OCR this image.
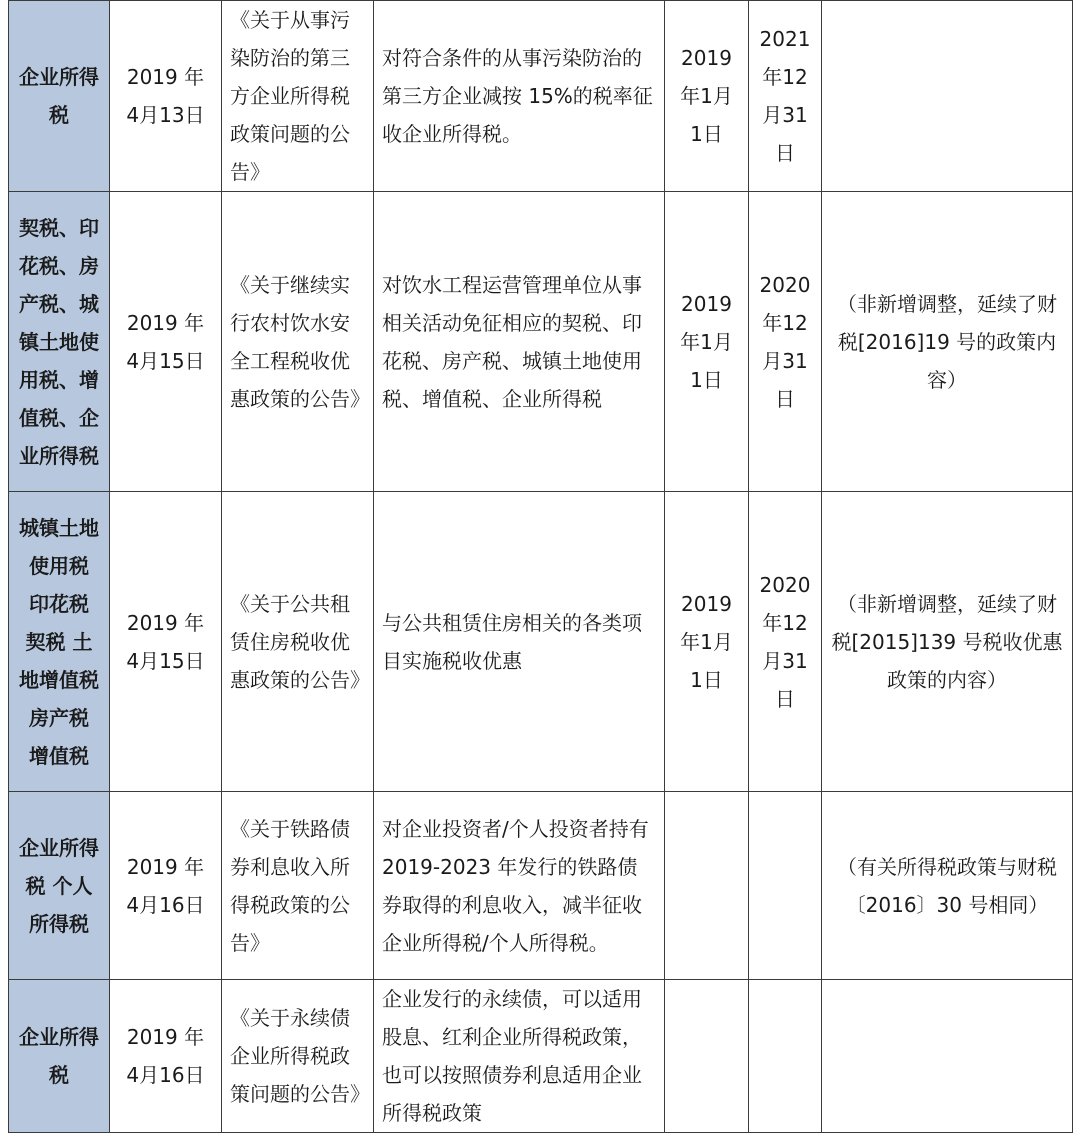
企业所得税	2019 年 4月13日	《关于从事污染防治的第三方企业所得税政策问题的公告》	对符合条件的从事污染防治的第三方企业减按 15%的税率征收企业所得税。	2019 年1月 1日	2021 年12 月31 日	
契税、印花税、房产税、城镇土地使用税、增值税、企业所得税	2019 年 4月15日	《关于继续实行农村饮水安全工程税收优惠政策的公告》	对饮水工程运营管理单位从事相关活动免征相应的契税、印花税、房产税、城镇土地使用税、增值税、企业所得税	2019 年1月 1日	2020 年12 月31 日	（非新增调整，延续了财税[2016]19 号的政策内容）
城镇土地使用税 印花税 契税 土地增值税 房产税 增值税	2019 年 4月15日	《关于公共租赁住房税收优惠政策的公告》	与公共租赁住房相关的各类项目实施税收优惠	2019 年1月 1日	2020 年12 月31 日	（非新增调整，延续了财税[2015]139 号税收优惠政策的内容）
企业所得税 个人所得税	2019 年 4月16日	《关于铁路债券利息收入所得税政策的公告》	对企业投资者/个人投资者持有 2019-2023 年发行的铁路债券取得的利息收入，减半征收企业所得税/个人所得税。			（有关所得税政策与财税〔2016〕30 号相同）
企业所得税	2019 年 4月16日	《关于永续债企业所得税政策问题的公告》	企业发行的永续债，可以适用股息、红利企业所得税政策，也可以按照债券利息适用企业所得税政策			
